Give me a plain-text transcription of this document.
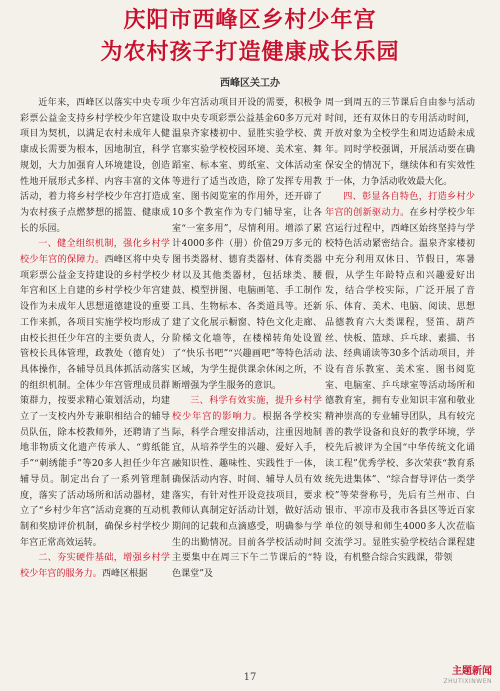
庆阳市西峰区乡村少年宫
为农村孩子打造健康成长乐园
西峰区关工办

近年来，西峰区以落实中央专项彩票公益金支持乡村学校少年宫建设项目为契机，以满足农村未成年人健康成长需要为根本，因地制宜，科学规划，大力加强育人环境建设，创造性地开展形式多样、内容丰富的文体活动，着力将乡村学校少年宫打造成为农村孩子点燃梦想的摇篮、健康成长的乐园。

一、健全组织机制，强化乡村学校少年宫的保障力。西峰区将中央专项彩票公益金支持建设的乡村学校少年宫和区上自建的乡村学校少年宫建设作为未成年人思想道德建设的重要工作来抓，各项目实施学校均形成了由校长担任少年宫的主要负责人，分管校长具体管理，政教处（德育处）具体操作，各辅导员具体抓活动落实的组织机制。全体少年宫管理成员群策群力，按要求精心策划活动，均建立了一支校内外专兼职相结合的辅导员队伍，除本校教师外，还聘请了当地非物质文化遗产传承人、“剪纸能手”“刺绣能手”等20多人担任少年宫辅导员。制定出台了一系列管理制度，落实了活动场所和活动器材，建立了“乡村少年宫”活动竞赛的互动机制和奖励评价机制，确保乡村学校少年宫正常高效运转。

二、夯实硬件基础，增强乡村学校少年宫的服务力。西峰区根据

少年宫活动项目开设的需要，积极争取中央专项彩票公益基金60多万元对温泉齐家楼初中、显胜实验学校、黄官寨实验学校校园环境、美术室、舞蹈室、标本室、剪纸室、文体活动室等进行了适当改造，除了发挥专用教室、图书阅览室的作用外，还开辟了10多个教室作为专门辅导室，让各室“一室多用”，尽情利用。增添了累计4000多件（册）价值29万多元的图书类器材、德育类器材、体育类器材以及其他类器材，包括球类、腰鼓、模型拼图、电脑画笔、手工制作工具、生物标本、各类道具等。还新建了文化展示橱窗、特色文化走廊、阶梯文化墙等，在楼梯转角处设置了“快乐书吧”“兴趣画吧”等特色活动区域，为学生提供课余休闲之所，不断增强为学生服务的意识。

三、科学有效实施，提升乡村学校少年宫的影响力。根据各学校实际，科学合理安排活动，注重因地制宜，从培养学生的兴趣、爱好入手，融知识性、趣味性、实践性于一体，确保活动内容、时间、辅导人员有效落实，有针对性开设竞技项目，要求教师认真制定好活动计划，做好活动期间的记载和点滴感受，明确参与学生的出勤情况。目前各学校活动时间主要集中在周三下午二节课后的“特色课堂”及

周一到周五的三节课后自由参与活动时间，还有双休日的专用活动时间，开放对象为全校学生和周边适龄未成年。同时学校强调，开展活动要在确保安全的情况下，继续体和有实效性于一体，力争活动收效最大化。

四、彰显各自特色，打造乡村少年宫的创新驱动力。在乡村学校少年宫运行过程中，西峰区始终坚持与学校特色活动紧密结合。温泉齐家楼初中充分利用双休日、节假日，寒暑假，从学生年龄特点和兴趣爱好出发，结合学校实际，广泛开展了音乐、体育、美术、电脑、阅读、思想品德教育六大类课程，竖笛、葫芦丝、快板、篮球、乒乓球、素描、书法、经典诵读等30多个活动项目，并设有音乐教室、美术室、图书阅览室、电脑室、乒乓球室等活动场所和德教育室，拥有专业知识丰富和敬业精神崇高的专业辅导团队，具有较完善的教学设备和良好的教学环境，学校先后被评为全国“中华传统文化诵读工程”优秀学校、多次荣获“教育系统先进集体”、“综合督导评估一类学校”等荣誉称号，先后有兰州市、白银市、平凉市及我市各县区等近百家单位的领导和师生4000多人次莅临交流学习。显胜实验学校结合课程建设，有机整合综合实践课，带领

17
主题新闻
ZHUTIXINWEN
